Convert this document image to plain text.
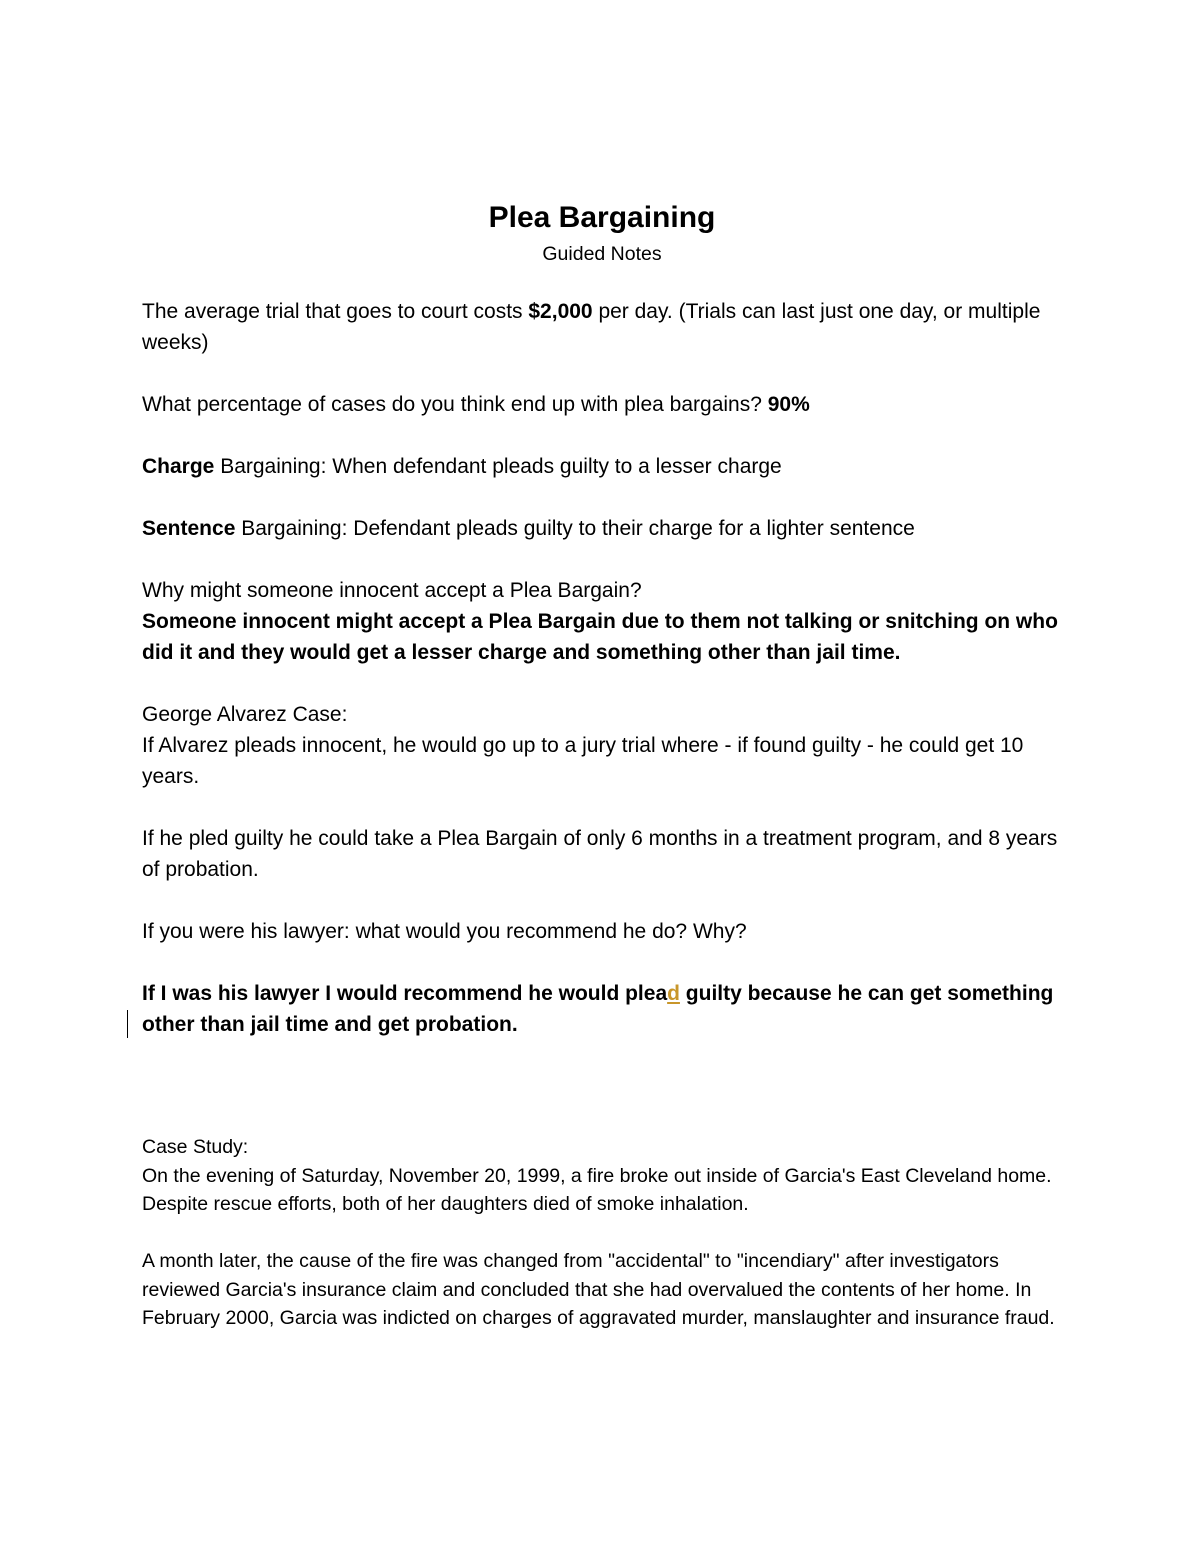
Plea Bargaining

Guided Notes

The average trial that goes to court costs $2,000 per day. (Trials can last just one day, or multiple weeks)

What percentage of cases do you think end up with plea bargains? 90%

Charge Bargaining: When defendant pleads guilty to a lesser charge

Sentence Bargaining: Defendant pleads guilty to their charge for a lighter sentence

Why might someone innocent accept a Plea Bargain?

Someone innocent might accept a Plea Bargain due to them not talking or snitching on who did it and they would get a lesser charge and something other than jail time.

George Alvarez Case:

If Alvarez pleads innocent, he would go up to a jury trial where - if found guilty - he could get 10 years.

If he pled guilty he could take a Plea Bargain of only 6 months in a treatment program, and 8 years of probation.

If you were his lawyer: what would you recommend he do? Why?

If I was his lawyer I would recommend he would plead guilty because he can get something other than jail time and get probation.

Case Study:

On the evening of Saturday, November 20, 1999, a fire broke out inside of Garcia's East Cleveland home. Despite rescue efforts, both of her daughters died of smoke inhalation.

A month later, the cause of the fire was changed from "accidental" to "incendiary" after investigators reviewed Garcia's insurance claim and concluded that she had overvalued the contents of her home. In February 2000, Garcia was indicted on charges of aggravated murder, manslaughter and insurance fraud.
